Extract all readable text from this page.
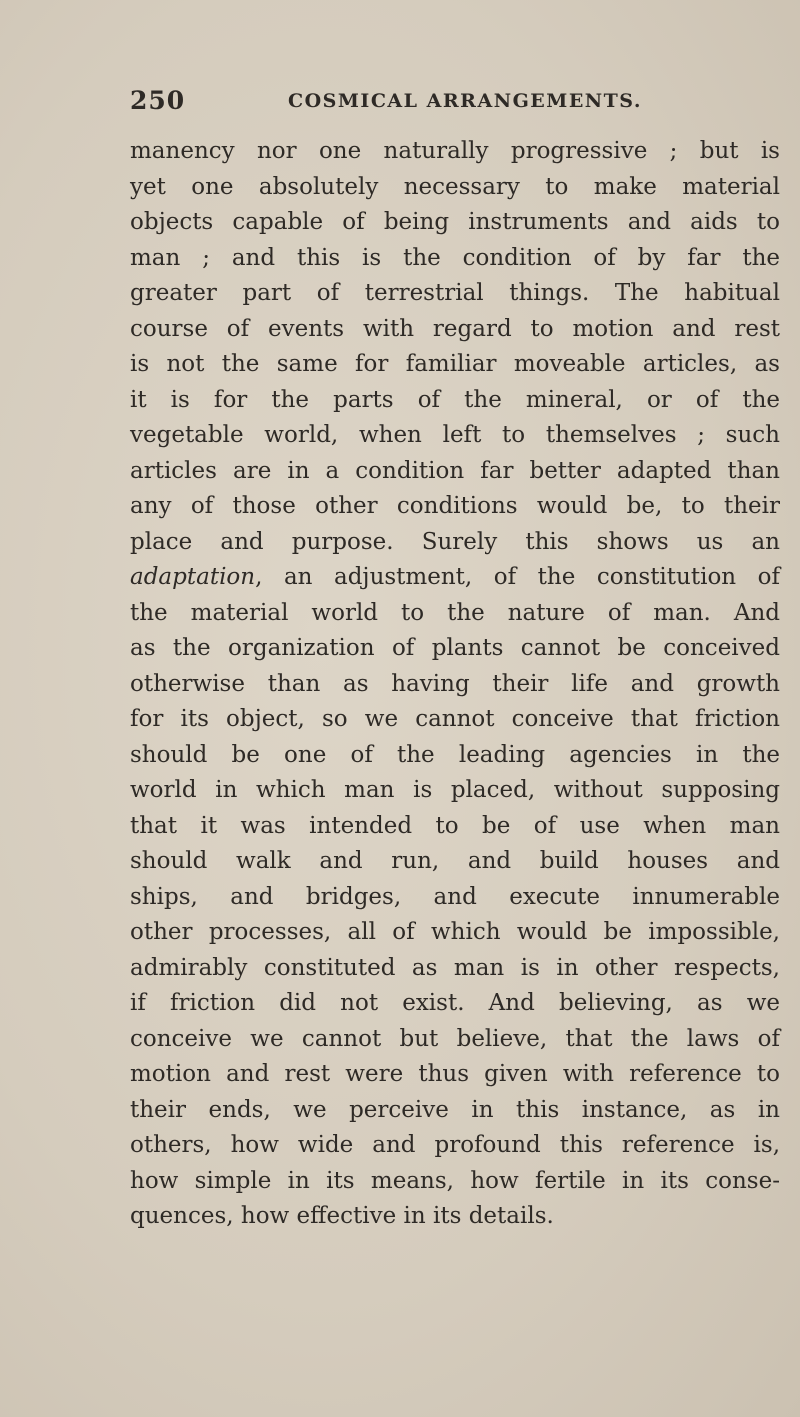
250	COSMICAL ARRANGEMENTS.
manency nor one naturally progressive ; but is
yet one absolutely necessary to make material
objects capable of being instruments and aids to
man ; and this is the condition of by far the
greater part of terrestrial things. The habitual
course of events with regard to motion and rest
is not the same for familiar moveable articles, as
it is for the parts of the mineral, or of the
vegetable world, when left to themselves ; such
articles are in a condition far better adapted than
any of those other conditions would be, to their
place and purpose. Surely this shows us an
adaptation, an adjustment, of the constitution of
the material world to the nature of man. And
as the organization of plants cannot be conceived
otherwise than as having their life and growth
for its object, so we cannot conceive that friction
should be one of the leading agencies in the
world in which man is placed, without supposing
that it was intended to be of use when man
should walk and run, and build houses and
ships, and bridges, and execute innumerable
other processes, all of which would be impossible,
admirably constituted as man is in other respects,
if friction did not exist. And believing, as we
conceive we cannot but believe, that the laws of
motion and rest were thus given with reference to
their ends, we perceive in this instance, as in
others, how wide and profound this reference is,
how simple in its means, how fertile in its conse-
quences, how effective in its details.
